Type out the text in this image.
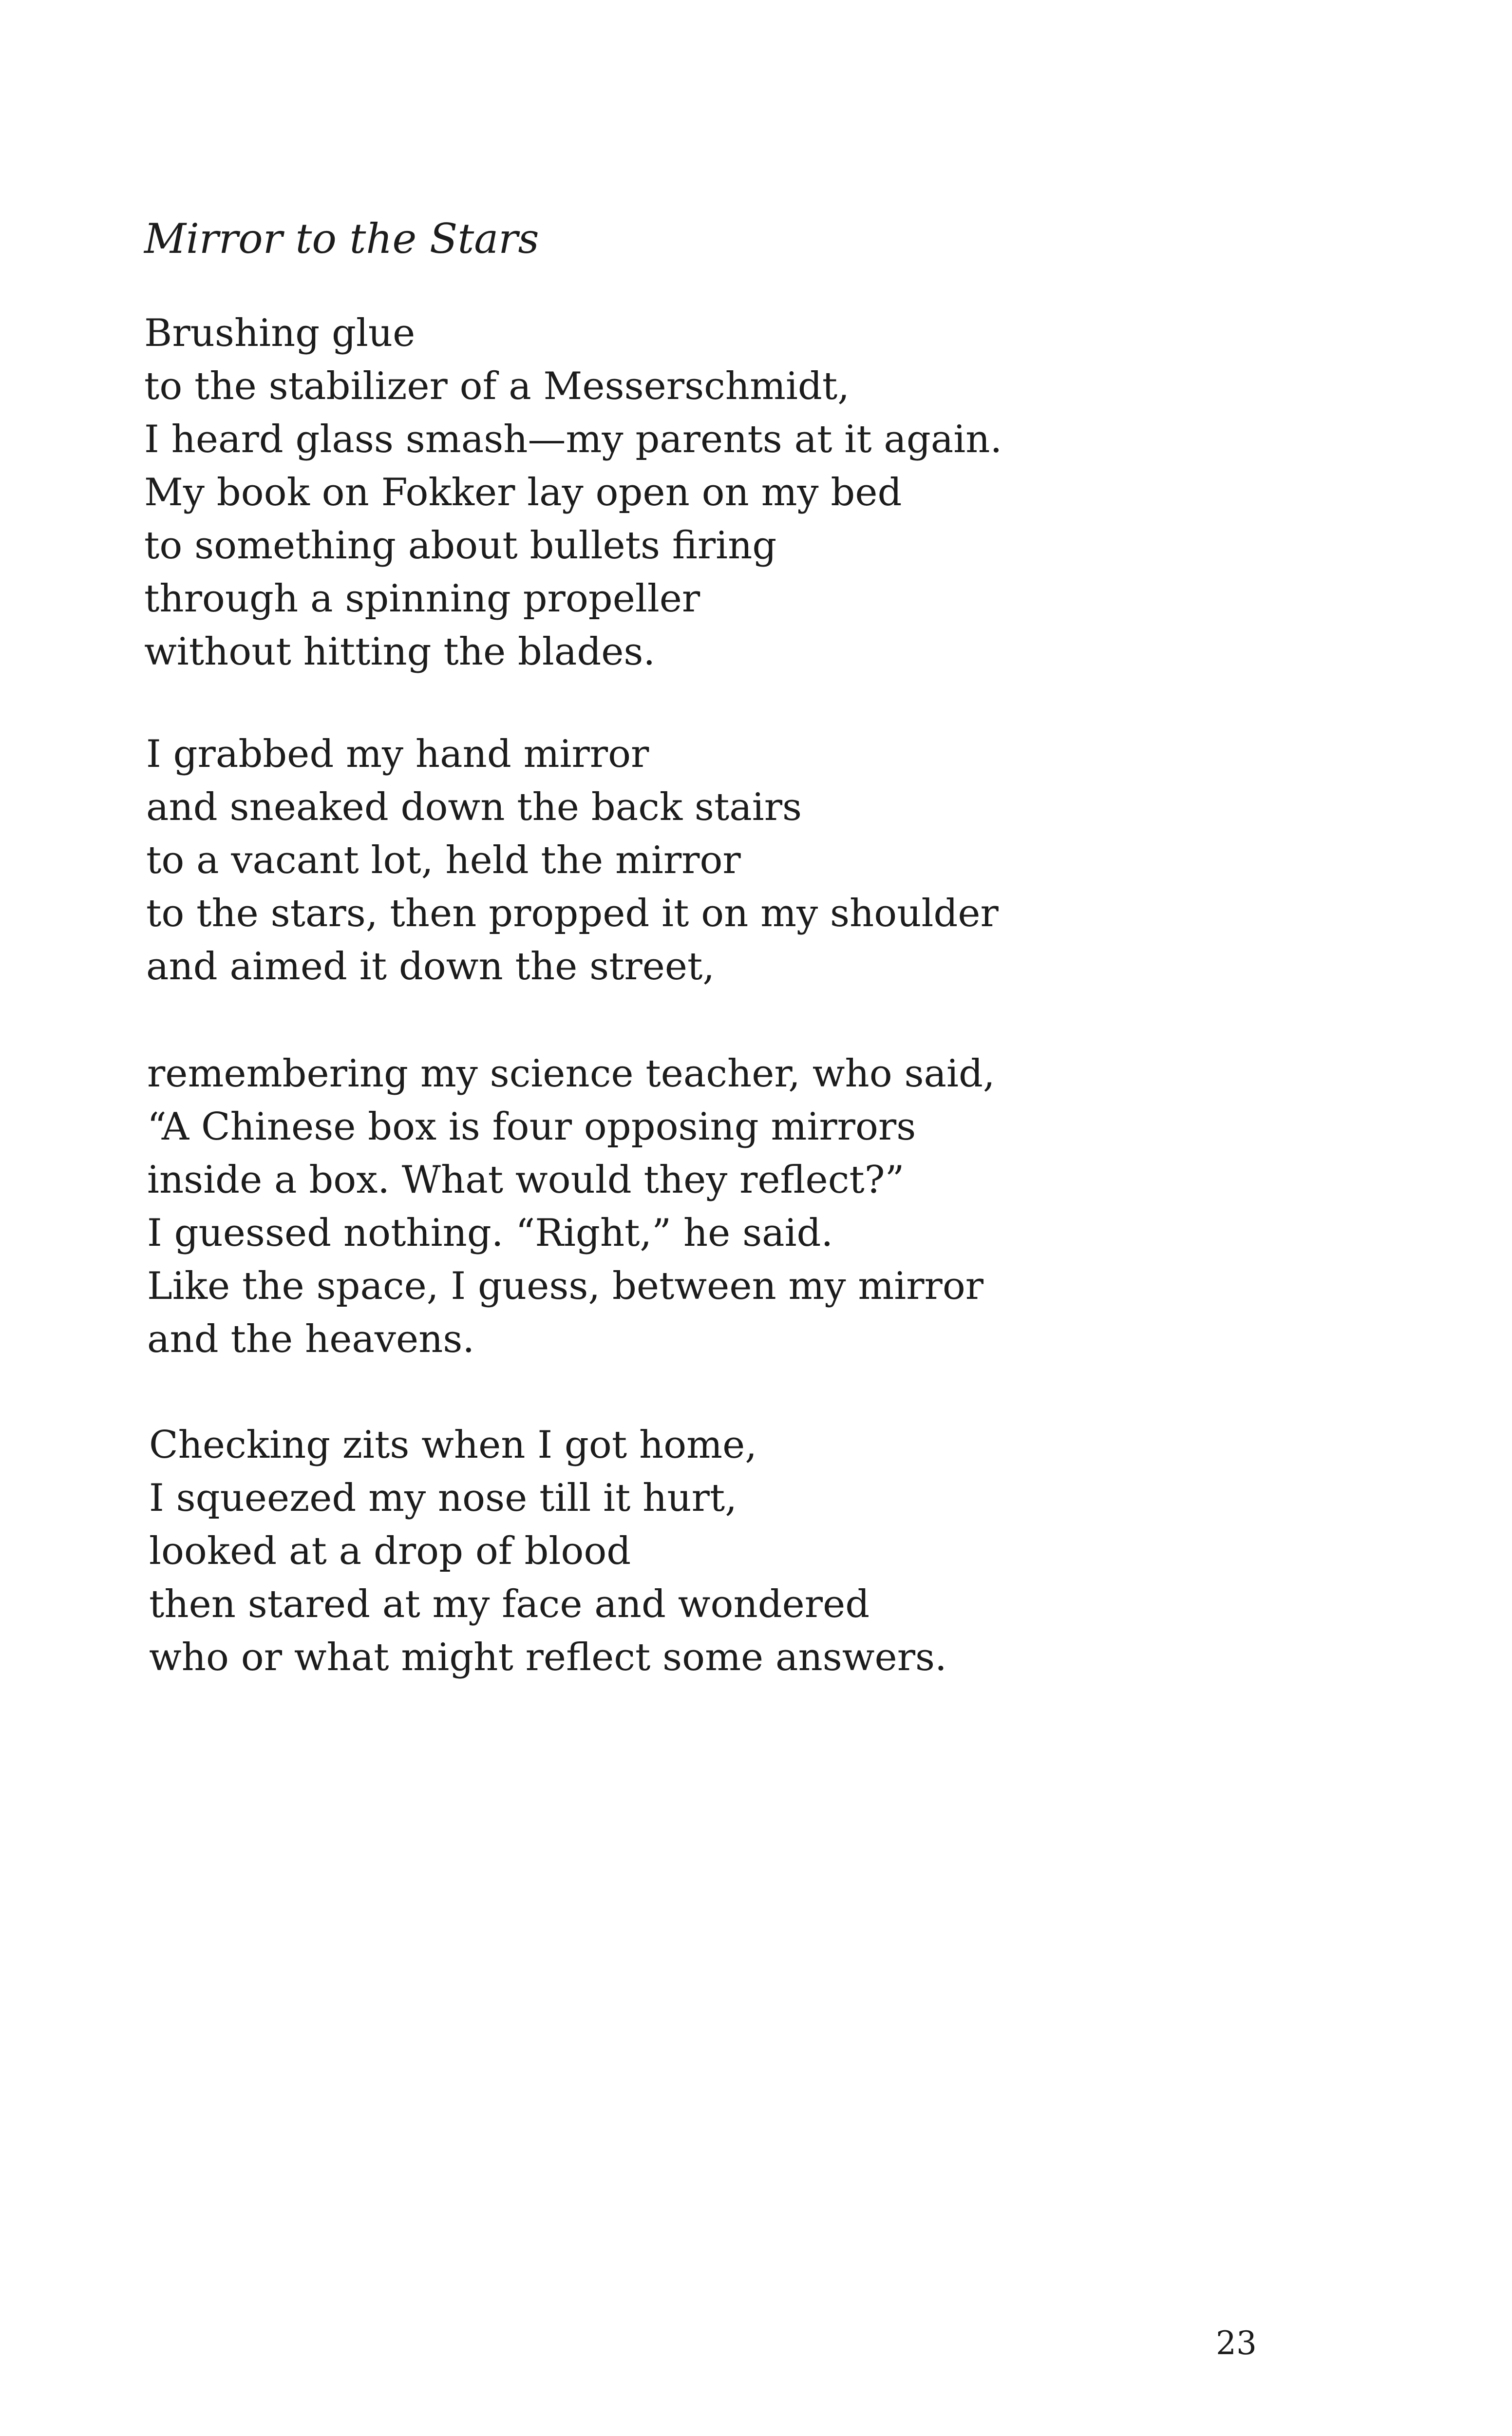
Mirror to the Stars
Brushing glue
to the stabilizer of a Messerschmidt,
I heard glass smash—my parents at it again.
My book on Fokker lay open on my bed
to something about bullets firing
through a spinning propeller
without hitting the blades.
I grabbed my hand mirror
and sneaked down the back stairs
to a vacant lot, held the mirror
to the stars, then propped it on my shoulder
and aimed it down the street,
remembering my science teacher, who said,
“A Chinese box is four opposing mirrors
inside a box. What would they reflect?”
I guessed nothing. “Right,” he said.
Like the space, I guess, between my mirror
and the heavens.
Checking zits when I got home,
I squeezed my nose till it hurt,
looked at a drop of blood
then stared at my face and wondered
who or what might reflect some answers.
23
